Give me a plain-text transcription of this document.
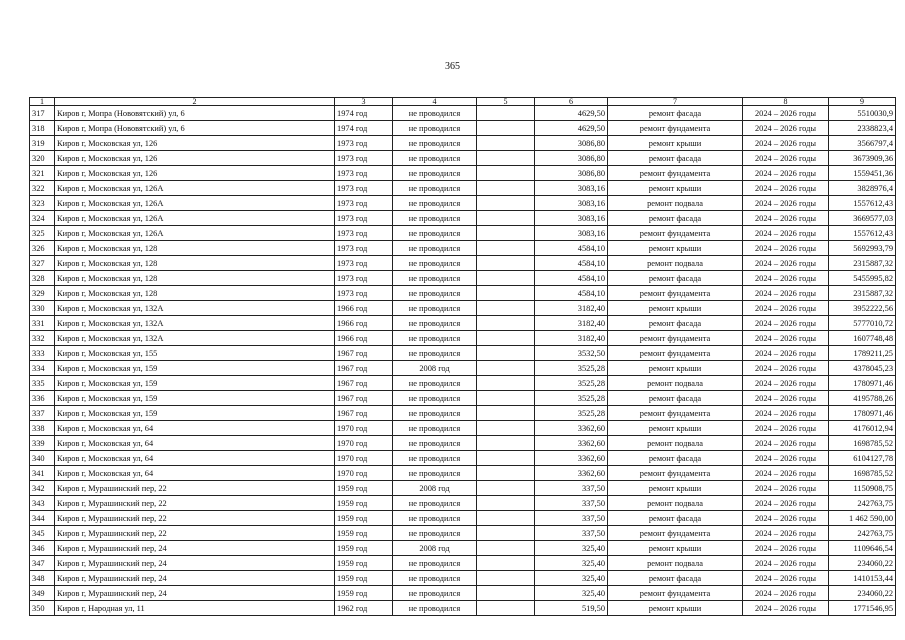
365
1	2	3	4	5	6	7	8	9
317	Киров г, Мопра (Нововятский) ул, 6	1974 год	не проводился		4629,50	ремонт фасада	2024 – 2026 годы	5510030,9
318	Киров г, Мопра (Нововятский) ул, 6	1974 год	не проводился		4629,50	ремонт фундамента	2024 – 2026 годы	2338823,4
319	Киров г, Московская ул, 126	1973 год	не проводился		3086,80	ремонт крыши	2024 – 2026 годы	3566797,4
320	Киров г, Московская ул, 126	1973 год	не проводился		3086,80	ремонт фасада	2024 – 2026 годы	3673909,36
321	Киров г, Московская ул, 126	1973 год	не проводился		3086,80	ремонт фундамента	2024 – 2026 годы	1559451,36
322	Киров г, Московская ул, 126А	1973 год	не проводился		3083,16	ремонт крыши	2024 – 2026 годы	3828976,4
323	Киров г, Московская ул, 126А	1973 год	не проводился		3083,16	ремонт подвала	2024 – 2026 годы	1557612,43
324	Киров г, Московская ул, 126А	1973 год	не проводился		3083,16	ремонт фасада	2024 – 2026 годы	3669577,03
325	Киров г, Московская ул, 126А	1973 год	не проводился		3083,16	ремонт фундамента	2024 – 2026 годы	1557612,43
326	Киров г, Московская ул, 128	1973 год	не проводился		4584,10	ремонт крыши	2024 – 2026 годы	5692993,79
327	Киров г, Московская ул, 128	1973 год	не проводился		4584,10	ремонт подвала	2024 – 2026 годы	2315887,32
328	Киров г, Московская ул, 128	1973 год	не проводился		4584,10	ремонт фасада	2024 – 2026 годы	5455995,82
329	Киров г, Московская ул, 128	1973 год	не проводился		4584,10	ремонт фундамента	2024 – 2026 годы	2315887,32
330	Киров г, Московская ул, 132А	1966 год	не проводился		3182,40	ремонт крыши	2024 – 2026 годы	3952222,56
331	Киров г, Московская ул, 132А	1966 год	не проводился		3182,40	ремонт фасада	2024 – 2026 годы	5777010,72
332	Киров г, Московская ул, 132А	1966 год	не проводился		3182,40	ремонт фундамента	2024 – 2026 годы	1607748,48
333	Киров г, Московская ул, 155	1967 год	не проводился		3532,50	ремонт фундамента	2024 – 2026 годы	1789211,25
334	Киров г, Московская ул, 159	1967 год	2008 год		3525,28	ремонт крыши	2024 – 2026 годы	4378045,23
335	Киров г, Московская ул, 159	1967 год	не проводился		3525,28	ремонт подвала	2024 – 2026 годы	1780971,46
336	Киров г, Московская ул, 159	1967 год	не проводился		3525,28	ремонт фасада	2024 – 2026 годы	4195788,26
337	Киров г, Московская ул, 159	1967 год	не проводился		3525,28	ремонт фундамента	2024 – 2026 годы	1780971,46
338	Киров г, Московская ул, 64	1970 год	не проводился		3362,60	ремонт крыши	2024 – 2026 годы	4176012,94
339	Киров г, Московская ул, 64	1970 год	не проводился		3362,60	ремонт подвала	2024 – 2026 годы	1698785,52
340	Киров г, Московская ул, 64	1970 год	не проводился		3362,60	ремонт фасада	2024 – 2026 годы	6104127,78
341	Киров г, Московская ул, 64	1970 год	не проводился		3362,60	ремонт фундамента	2024 – 2026 годы	1698785,52
342	Киров г, Мурашинский пер, 22	1959 год	2008 год		337,50	ремонт крыши	2024 – 2026 годы	1150908,75
343	Киров г, Мурашинский пер, 22	1959 год	не проводился		337,50	ремонт подвала	2024 – 2026 годы	242763,75
344	Киров г, Мурашинский пер, 22	1959 год	не проводился		337,50	ремонт фасада	2024 – 2026 годы	1 462 590,00
345	Киров г, Мурашинский пер, 22	1959 год	не проводился		337,50	ремонт фундамента	2024 – 2026 годы	242763,75
346	Киров г, Мурашинский пер, 24	1959 год	2008 год		325,40	ремонт крыши	2024 – 2026 годы	1109646,54
347	Киров г, Мурашинский пер, 24	1959 год	не проводился		325,40	ремонт подвала	2024 – 2026 годы	234060,22
348	Киров г, Мурашинский пер, 24	1959 год	не проводился		325,40	ремонт фасада	2024 – 2026 годы	1410153,44
349	Киров г, Мурашинский пер, 24	1959 год	не проводился		325,40	ремонт фундамента	2024 – 2026 годы	234060,22
350	Киров г, Народная ул, 11	1962 год	не проводился		519,50	ремонт крыши	2024 – 2026 годы	1771546,95
